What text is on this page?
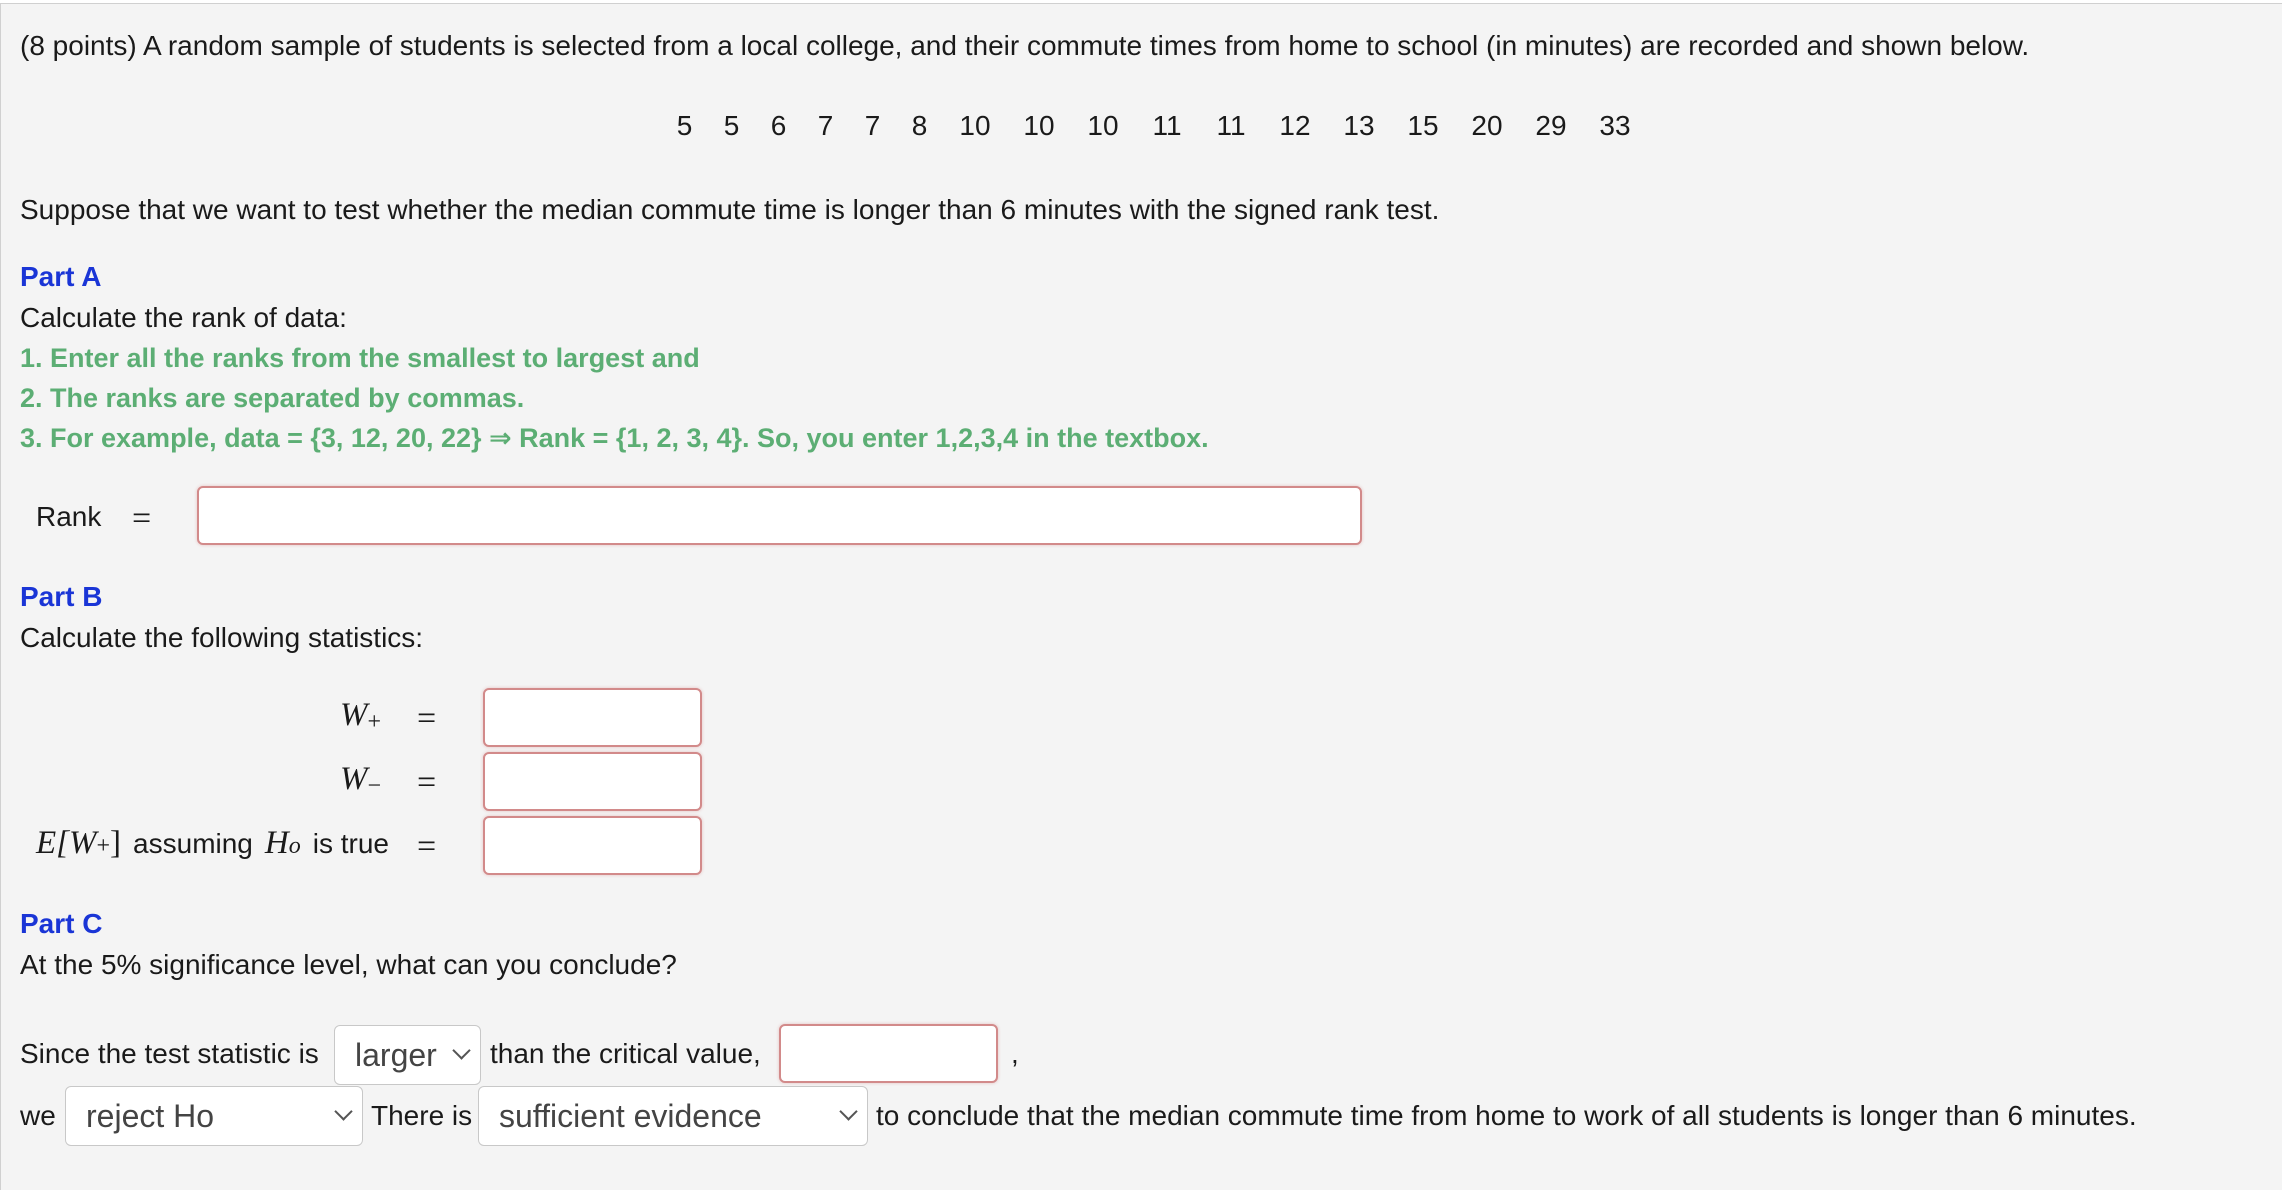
(8 points) A random sample of students is selected from a local college, and their commute times from home to school (in minutes) are recorded and shown below.
5	5	6	7	7	8	10	10	10	11	11	12	13	15	20	29	33
Suppose that we want to test whether the median commute time is longer than 6 minutes with the signed rank test.
Part A
Calculate the rank of data:
1. Enter all the ranks from the smallest to largest and
2. The ranks are separated by commas.
3. For example, data = {3, 12, 20, 22} ⇒ Rank = {1, 2, 3, 4}. So, you enter 1,2,3,4 in the textbox.
Rank =
Part B
Calculate the following statistics:
$W_+$ =
$W_-$ =
E[W + ] assuming H o is true =
Part C
At the 5% significance level, what can you conclude?
Since the test statistic is	larger	than the critical value,	,
we reject Ho	There is sufficient evidence	to conclude that the median commute time from home to work of all students is longer than 6 minutes.
